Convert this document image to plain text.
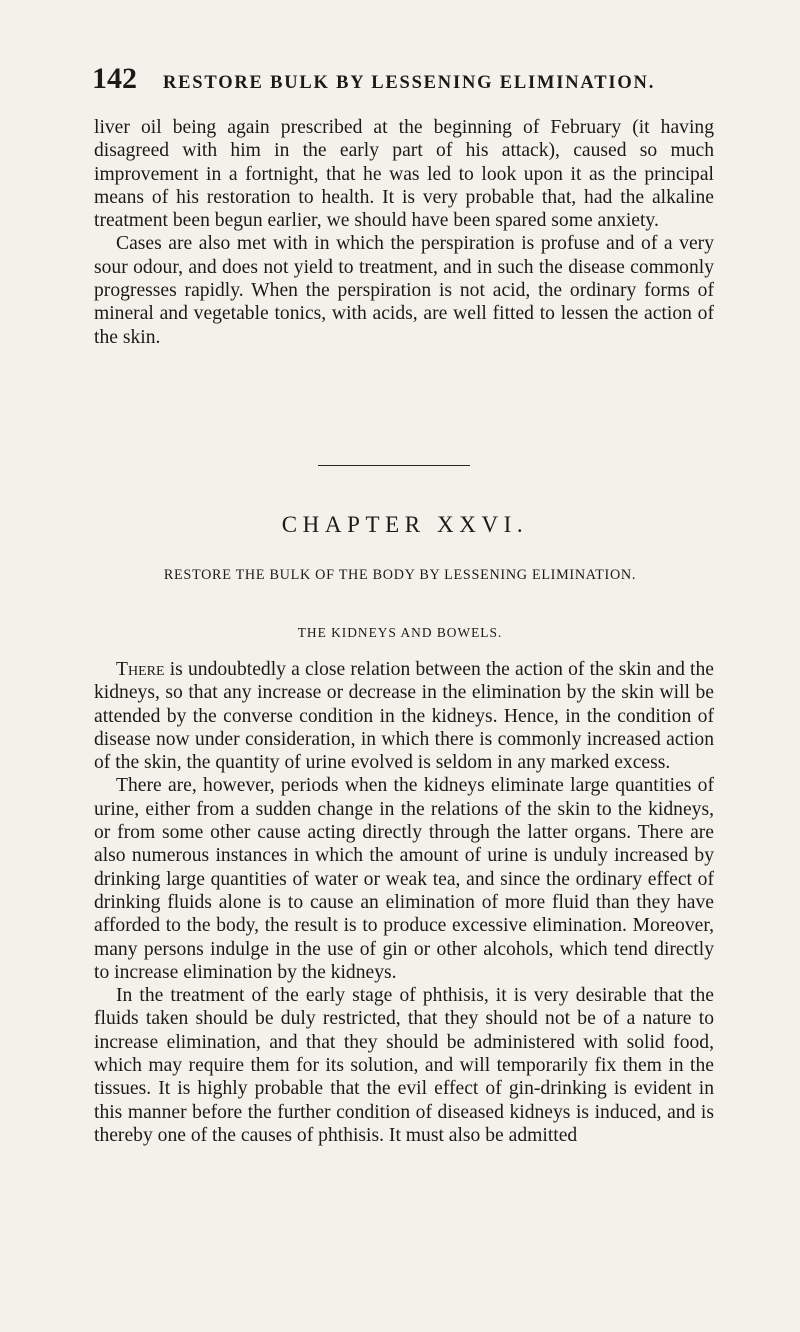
142 RESTORE BULK BY LESSENING ELIMINATION.

liver oil being again prescribed at the beginning of February (it having disagreed with him in the early part of his attack), caused so much improvement in a fortnight, that he was led to look upon it as the principal means of his restoration to health. It is very probable that, had the alkaline treatment been begun earlier, we should have been spared some anxiety.

Cases are also met with in which the perspiration is profuse and of a very sour odour, and does not yield to treatment, and in such the disease commonly progresses rapidly. When the perspiration is not acid, the ordinary forms of mineral and vegetable tonics, with acids, are well fitted to lessen the action of the skin.

CHAPTER XXVI.
RESTORE THE BULK OF THE BODY BY LESSENING ELIMINATION.
THE KIDNEYS AND BOWELS.

There is undoubtedly a close relation between the action of the skin and the kidneys, so that any increase or decrease in the elimination by the skin will be attended by the converse condition in the kidneys. Hence, in the condition of disease now under consideration, in which there is commonly increased action of the skin, the quantity of urine evolved is seldom in any marked excess.

There are, however, periods when the kidneys eliminate large quantities of urine, either from a sudden change in the relations of the skin to the kidneys, or from some other cause acting directly through the latter organs. There are also numerous instances in which the amount of urine is unduly increased by drinking large quantities of water or weak tea, and since the ordinary effect of drinking fluids alone is to cause an elimination of more fluid than they have afforded to the body, the result is to produce excessive elimination. Moreover, many persons indulge in the use of gin or other alcohols, which tend directly to increase elimination by the kidneys.

In the treatment of the early stage of phthisis, it is very desirable that the fluids taken should be duly restricted, that they should not be of a nature to increase elimination, and that they should be administered with solid food, which may require them for its solution, and will temporarily fix them in the tissues. It is highly probable that the evil effect of gin-drinking is evident in this manner before the further condition of diseased kidneys is induced, and is thereby one of the causes of phthisis. It must also be admitted
